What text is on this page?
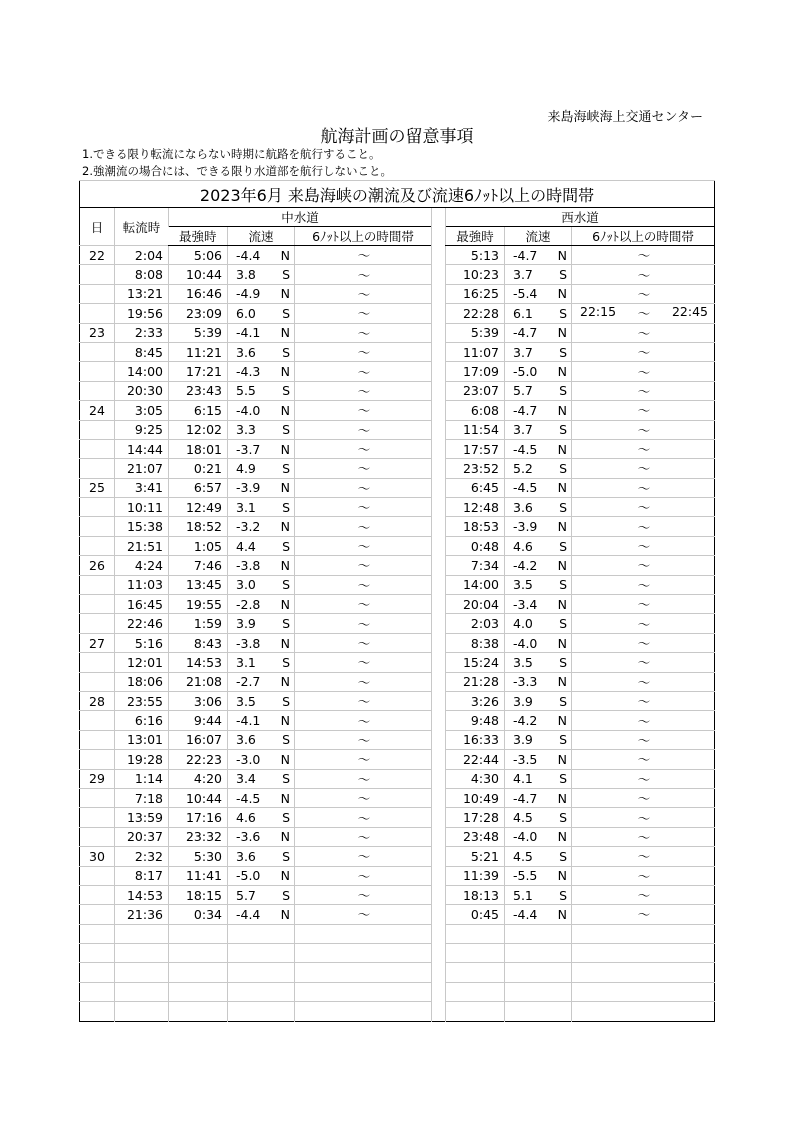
来島海峡海上交通センター
航海計画の留意事項
1.できる限り転流にならない時期に航路を航行すること。
2.強潮流の場合には、できる限り水道部を航行しないこと。
2023年6月 来島海峡の潮流及び流速6ﾉｯﾄ以上の時間帯								
日	転流時	中水道				西水道		
		最強時	流速	6ﾉｯﾄ以上の時間帯		最強時	流速	6ﾉｯﾄ以上の時間帯
22	2:04	5:06	-4.4 N	～		5:13	-4.7 N	～

	8:08	10:44	3.8 S	～		10:23	3.7 S	～

	13:21	16:46	-4.9 N	～		16:25	-5.4 N	～

	19:56	23:09	6.0 S	～		22:28	6.1 S	22:15 ～ 22:45

23	2:33	5:39	-4.1 N	～		5:39	-4.7 N	～

	8:45	11:21	3.6 S	～		11:07	3.7 S	～

	14:00	17:21	-4.3 N	～		17:09	-5.0 N	～

	20:30	23:43	5.5 S	～		23:07	5.7 S	～

24	3:05	6:15	-4.0 N	～		6:08	-4.7 N	～

	9:25	12:02	3.3 S	～		11:54	3.7 S	～

	14:44	18:01	-3.7 N	～		17:57	-4.5 N	～

	21:07	0:21	4.9 S	～		23:52	5.2 S	～

25	3:41	6:57	-3.9 N	～		6:45	-4.5 N	～

	10:11	12:49	3.1 S	～		12:48	3.6 S	～

	15:38	18:52	-3.2 N	～		18:53	-3.9 N	～

	21:51	1:05	4.4 S	～		0:48	4.6 S	～

26	4:24	7:46	-3.8 N	～		7:34	-4.2 N	～

	11:03	13:45	3.0 S	～		14:00	3.5 S	～

	16:45	19:55	-2.8 N	～		20:04	-3.4 N	～

	22:46	1:59	3.9 S	～		2:03	4.0 S	～

27	5:16	8:43	-3.8 N	～		8:38	-4.0 N	～

	12:01	14:53	3.1 S	～		15:24	3.5 S	～

	18:06	21:08	-2.7 N	～		21:28	-3.3 N	～

28	23:55	3:06	3.5 S	～		3:26	3.9 S	～

	6:16	9:44	-4.1 N	～		9:48	-4.2 N	～

	13:01	16:07	3.6 S	～		16:33	3.9 S	～

	19:28	22:23	-3.0 N	～		22:44	-3.5 N	～

29	1:14	4:20	3.4 S	～		4:30	4.1 S	～

	7:18	10:44	-4.5 N	～		10:49	-4.7 N	～

	13:59	17:16	4.6 S	～		17:28	4.5 S	～

	20:37	23:32	-3.6 N	～		23:48	-4.0 N	～

30	2:32	5:30	3.6 S	～		5:21	4.5 S	～

	8:17	11:41	-5.0 N	～		11:39	-5.5 N	～

	14:53	18:15	5.7 S	～		18:13	5.1 S	～

	21:36	0:34	-4.4 N	～		0:45	-4.4 N	～
